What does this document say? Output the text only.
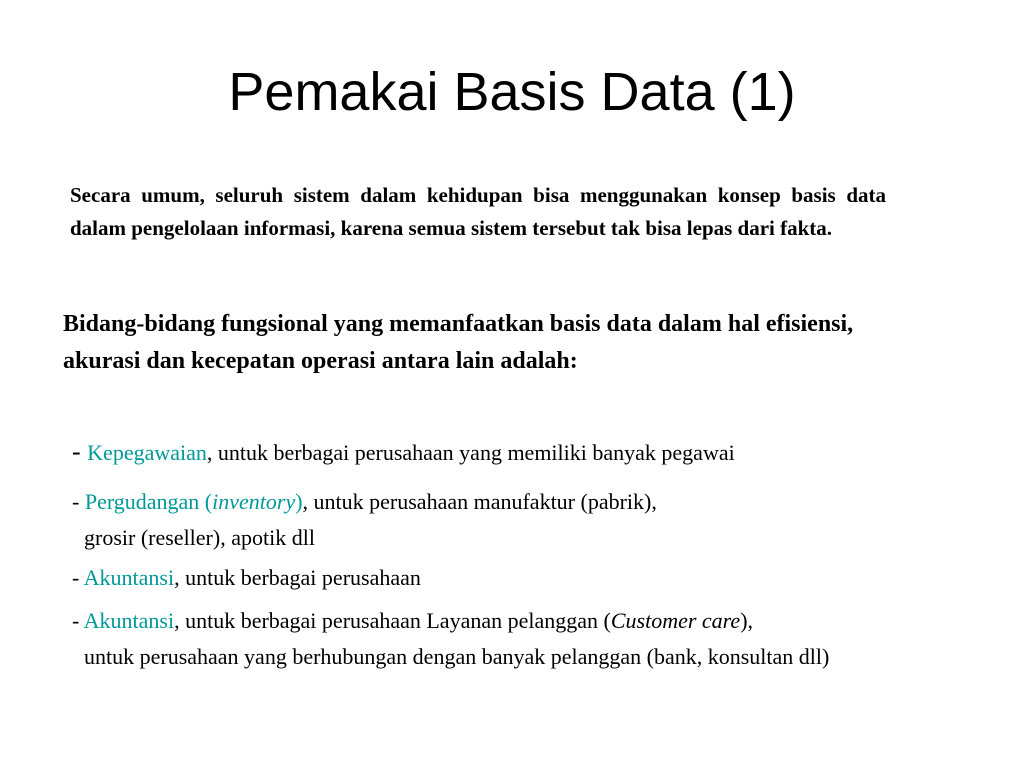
Pemakai Basis Data (1)
Secara umum, seluruh sistem dalam kehidupan bisa menggunakan konsep basis data dalam pengelolaan informasi, karena semua sistem tersebut tak bisa lepas dari fakta.
Bidang-bidang fungsional yang memanfaatkan basis data dalam hal efisiensi, akurasi dan kecepatan operasi antara lain adalah:
- Kepegawaian, untuk berbagai perusahaan yang memiliki banyak pegawai
- Pergudangan (inventory), untuk perusahaan manufaktur (pabrik),
grosir (reseller), apotik dll
- Akuntansi, untuk berbagai perusahaan
- Akuntansi, untuk berbagai perusahaan Layanan pelanggan (Customer care),
untuk perusahaan yang berhubungan dengan banyak pelanggan (bank, konsultan dll)
